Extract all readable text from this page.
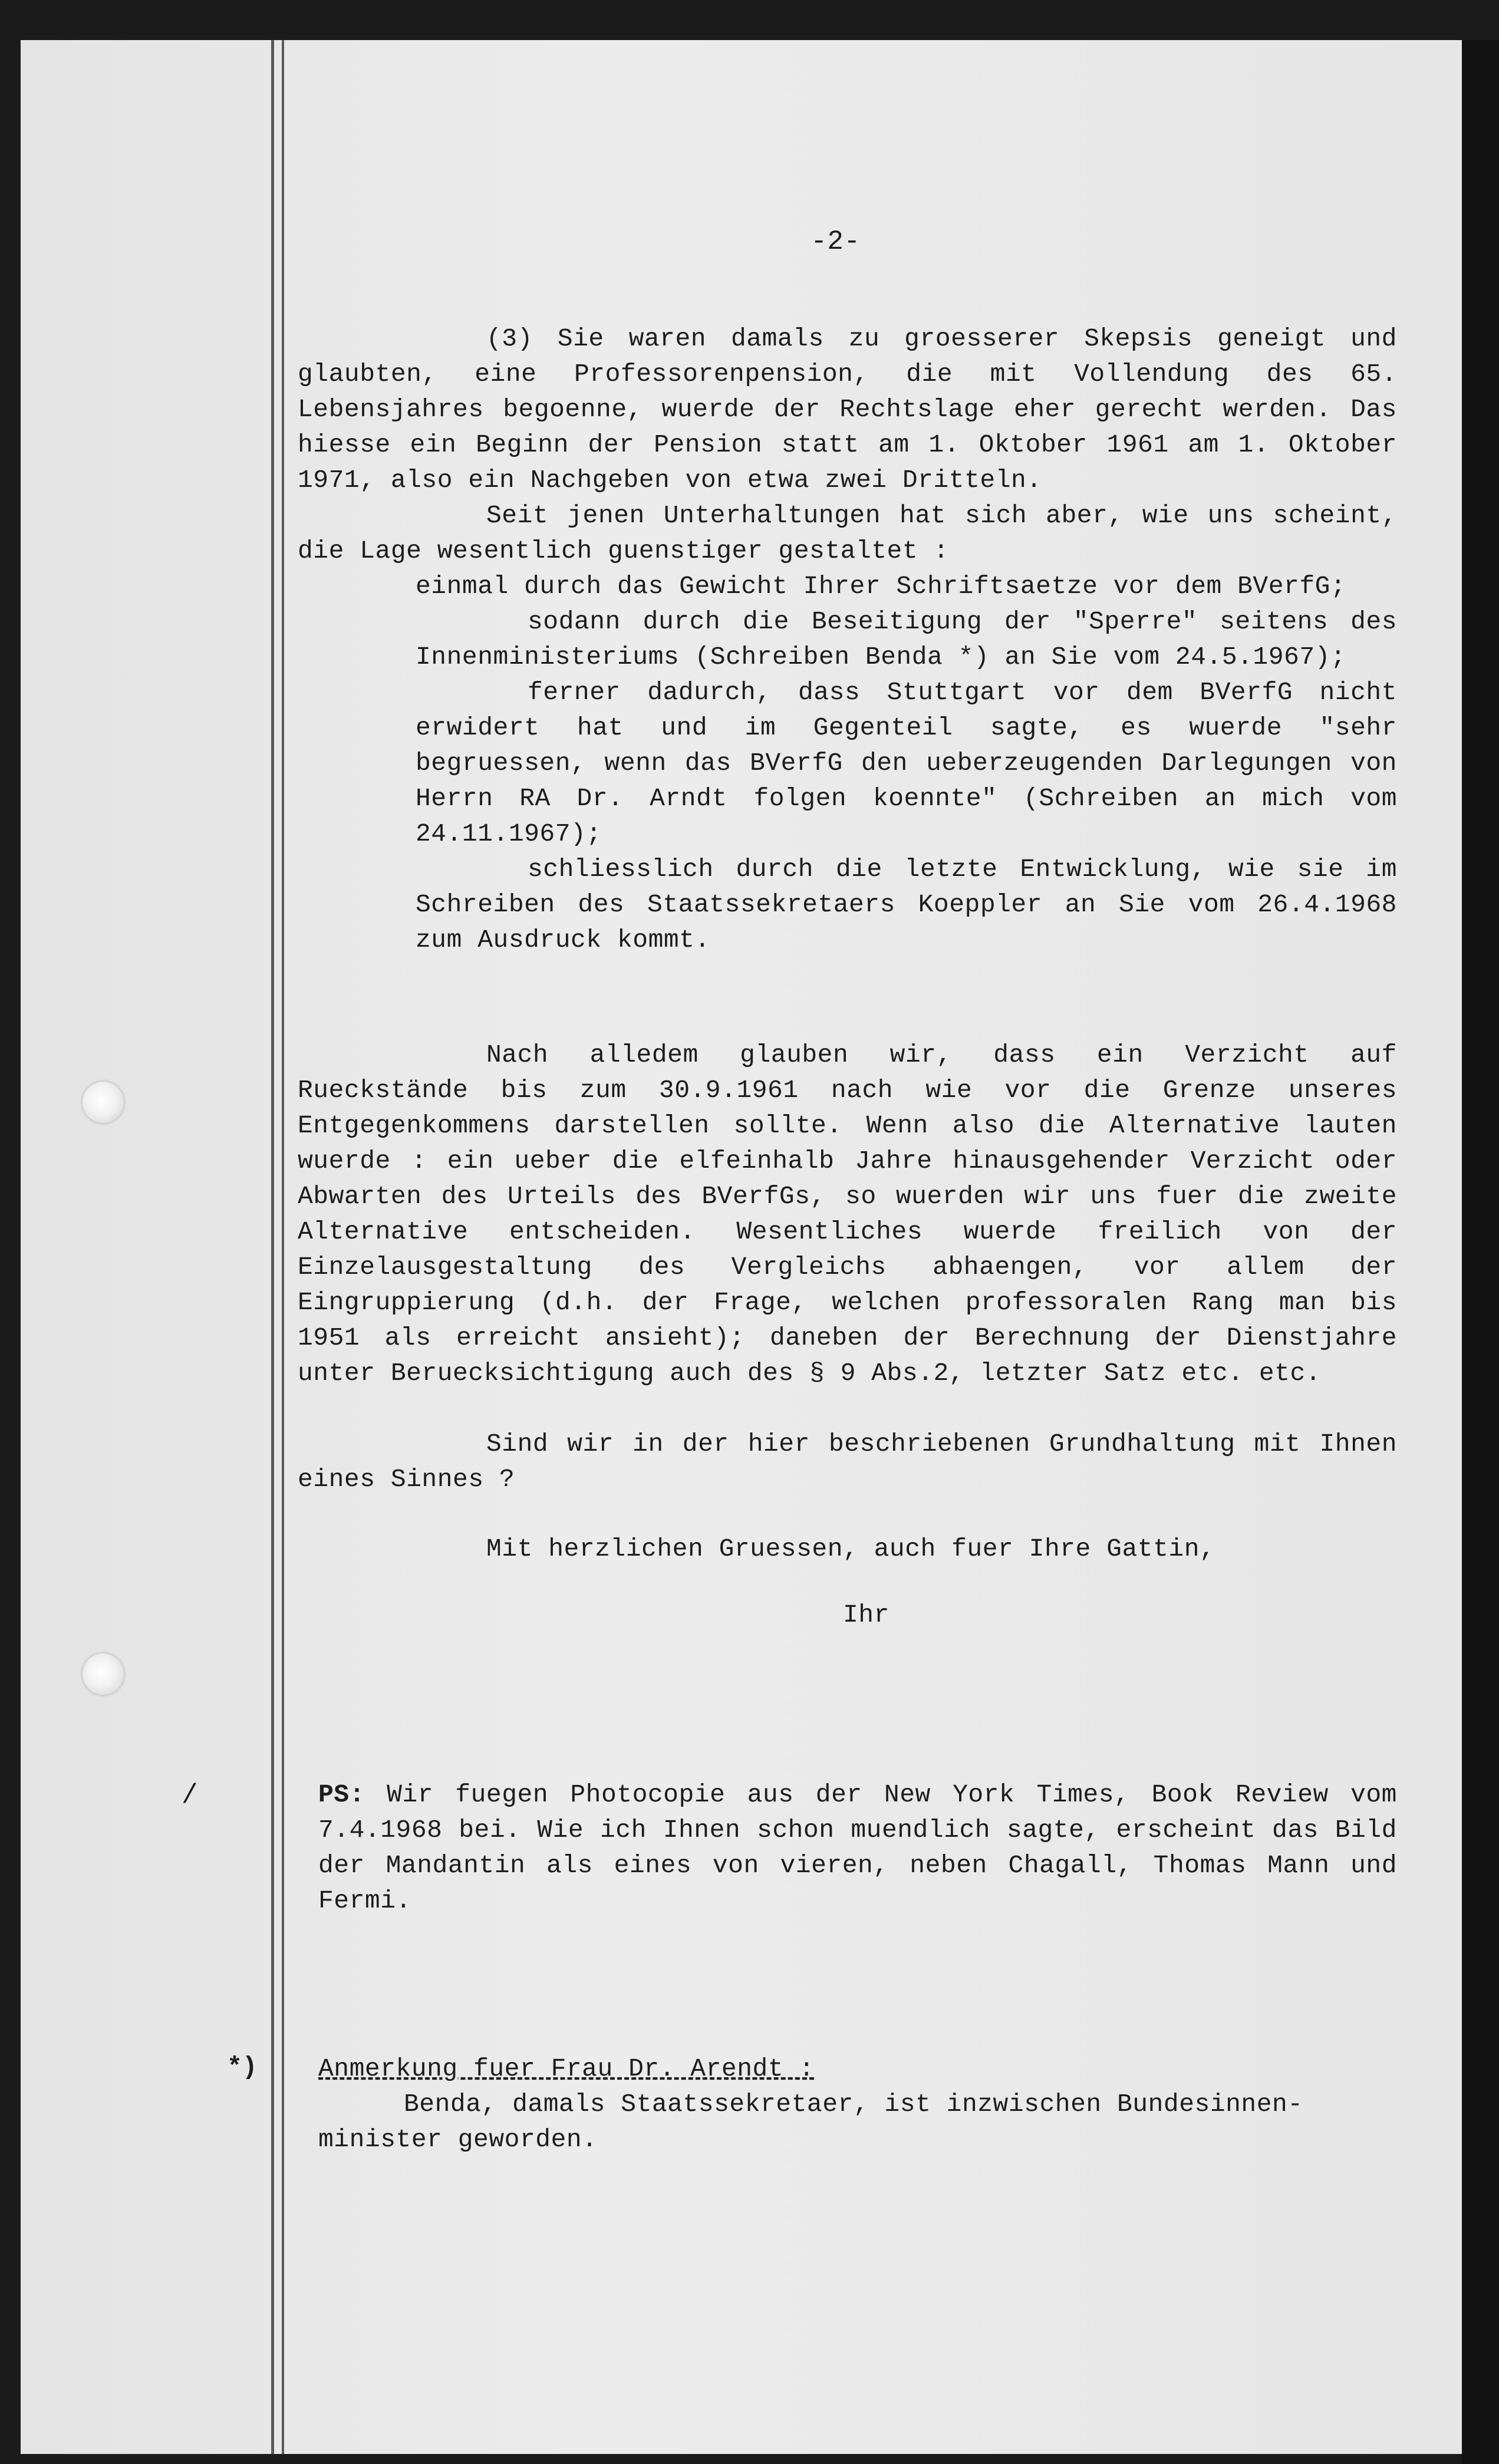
/
*)
-2-

(3) Sie waren damals zu groesserer Skepsis geneigt und glaubten, eine Professorenpension, die mit Vollendung des 65. Lebensjahres begoenne, wuerde der Rechtslage eher gerecht werden. Das hiesse ein Beginn der Pension statt am 1. Oktober 1961 am 1. Oktober 1971, also ein Nachgeben von etwa zwei Dritteln.

Seit jenen Unterhaltungen hat sich aber, wie uns scheint, die Lage wesentlich guenstiger gestaltet :

einmal durch das Gewicht Ihrer Schriftsaetze vor dem BVerfG;

sodann durch die Beseitigung der "Sperre" seitens des Innenministeriums (Schreiben Benda *) an Sie vom 24.5.1967);

ferner dadurch, dass Stuttgart vor dem BVerfG nicht erwidert hat und im Gegenteil sagte, es wuerde "sehr begruessen, wenn das BVerfG den ueberzeugenden Darlegungen von Herrn RA Dr. Arndt folgen koennte" (Schreiben an mich vom 24.11.1967);

schliesslich durch die letzte Entwicklung, wie sie im Schreiben des Staatssekretaers Koeppler an Sie vom 26.4.1968 zum Ausdruck kommt.

Nach alledem glauben wir, dass ein Verzicht auf Rueckstände bis zum 30.9.1961 nach wie vor die Grenze unseres Entgegenkommens darstellen sollte. Wenn also die Alternative lauten wuerde : ein ueber die elfeinhalb Jahre hinausgehender Verzicht oder Abwarten des Urteils des BVerfGs, so wuerden wir uns fuer die zweite Alternative entscheiden. Wesentliches wuerde freilich von der Einzelausgestaltung des Vergleichs abhaengen, vor allem der Eingruppierung (d.h. der Frage, welchen professoralen Rang man bis 1951 als erreicht ansieht); daneben der Berechnung der Dienstjahre unter Beruecksichtigung auch des § 9 Abs.2, letzter Satz etc. etc.

Sind wir in der hier beschriebenen Grundhaltung mit Ihnen eines Sinnes ?

Mit herzlichen Gruessen, auch fuer Ihre Gattin,

Ihr

PS: Wir fuegen Photocopie aus der New York Times, Book Review vom 7.4.1968 bei. Wie ich Ihnen schon muendlich sagte, erscheint das Bild der Mandantin als eines von vieren, neben Chagall, Thomas Mann und Fermi.

Anmerkung fuer Frau Dr. Arendt :

Benda, damals Staatssekretaer, ist inzwischen Bundesinnen-

minister geworden.
